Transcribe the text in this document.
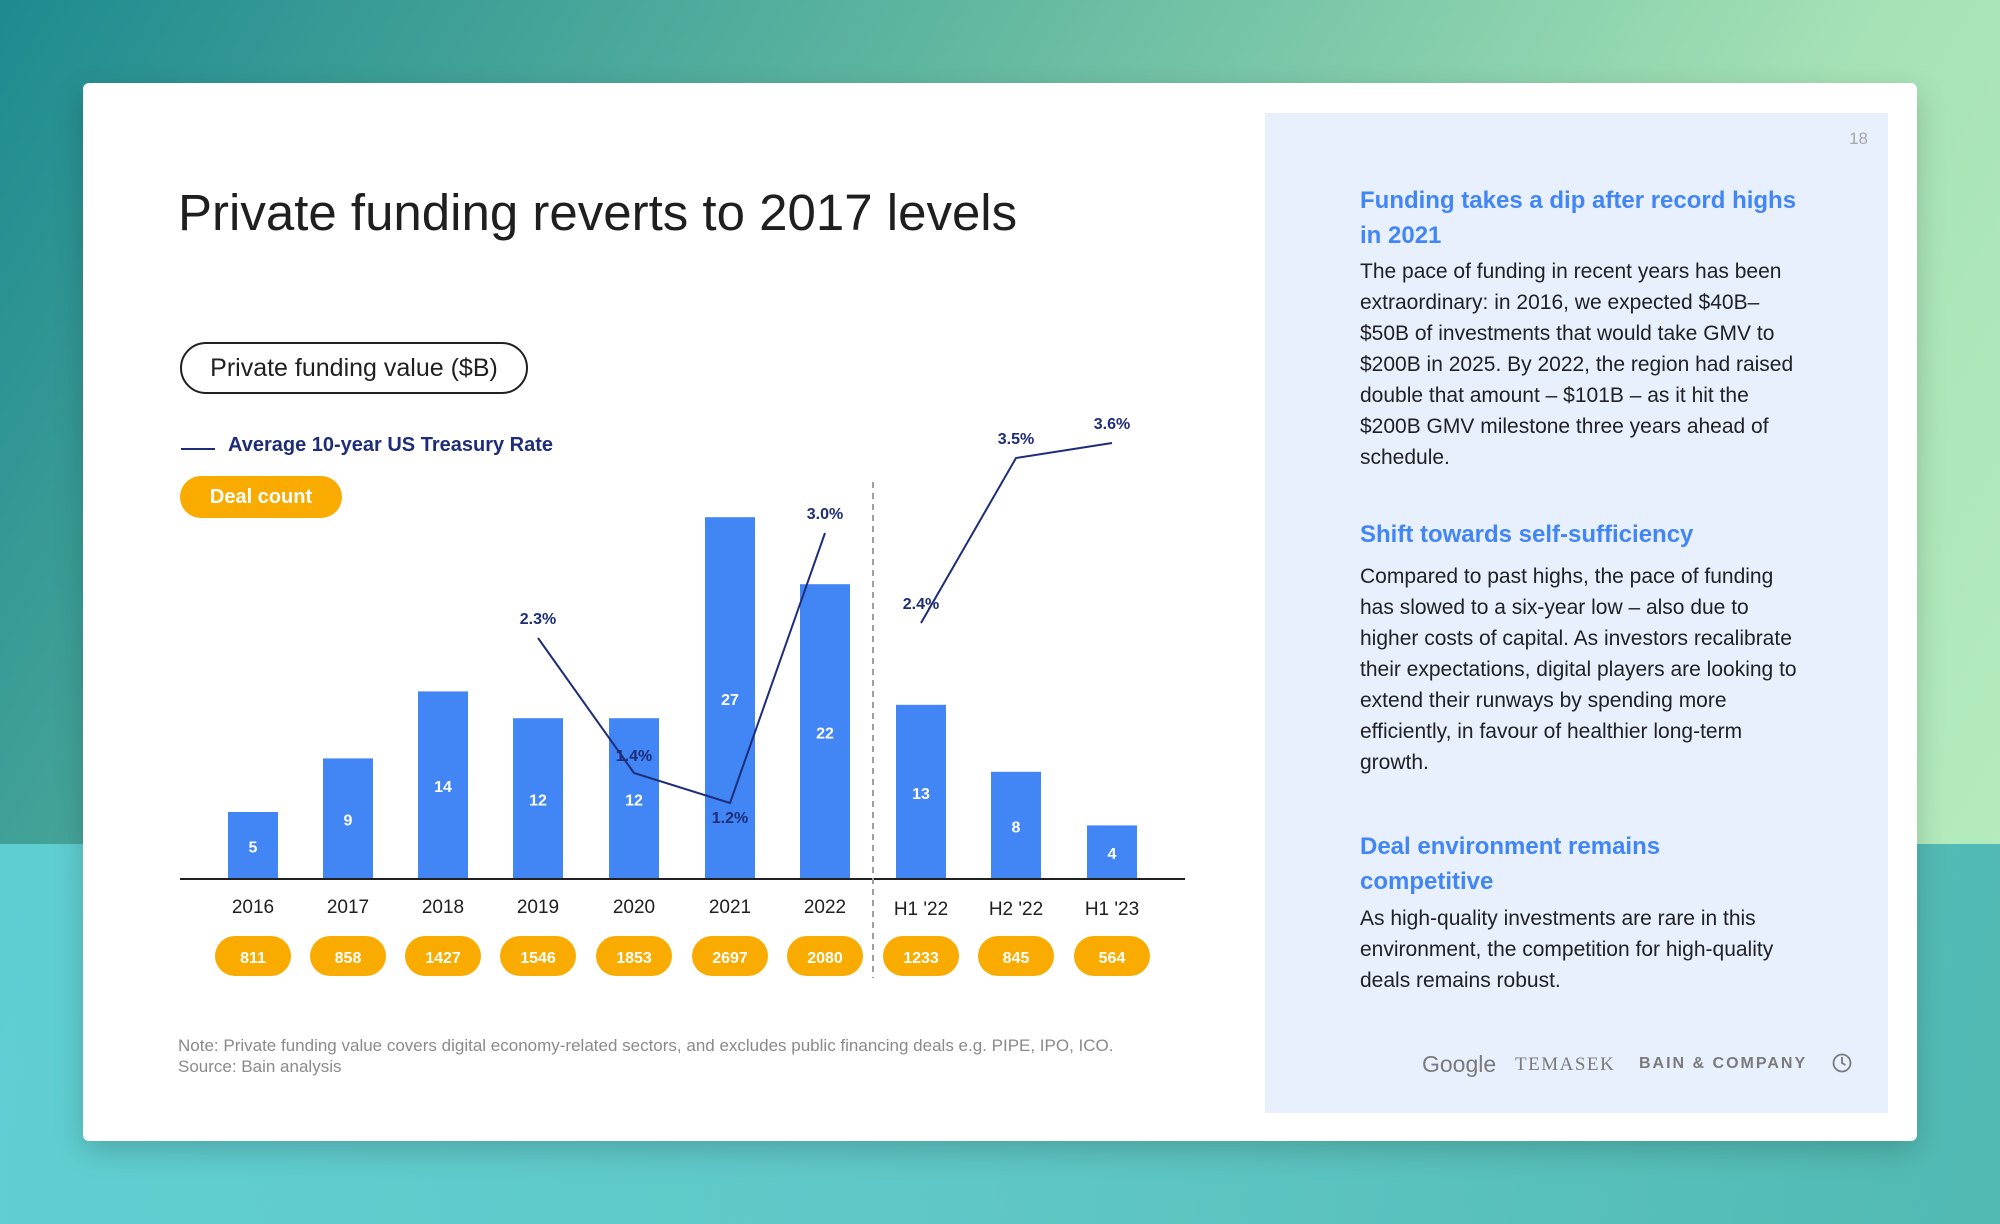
Private funding reverts to 2017 levels
Private funding value ($B)
Average 10-year US Treasury Rate
Deal count
5
9
14
12	12
27
22
13
8
4
2016	2017	2018	2019	2020	2021	2022	H1 '22 H2 '22 H1 '23
811	858	1427	1546	1853	2697	2080	1233	845	564
2.3%
1.4%
1.2%
3.0%
2.4%
3.5%
3.6%
Note: Private funding value covers digital economy-related sectors, and excludes public financing deals e.g. PIPE, IPO, ICO.
Source: Bain analysis
18
Funding takes a dip after record highs in 2021

The pace of funding in recent years has been extraordinary: in 2016, we expected $40B–$50B of investments that would take GMV to $200B in 2025. By 2022, the region had raised double that amount – $101B – as it hit the $200B GMV milestone three years ahead of schedule.

Shift towards self-sufficiency

Compared to past highs, the pace of funding has slowed to a six-year low – also due to higher costs of capital. As investors recalibrate their expectations, digital players are looking to extend their runways by spending more efficiently, in favour of healthier long-term growth.

Deal environment remains competitive

As high-quality investments are rare in this environment, the competition for high-quality deals remains robust.

Google TEMASEK BAIN & COMPANY
